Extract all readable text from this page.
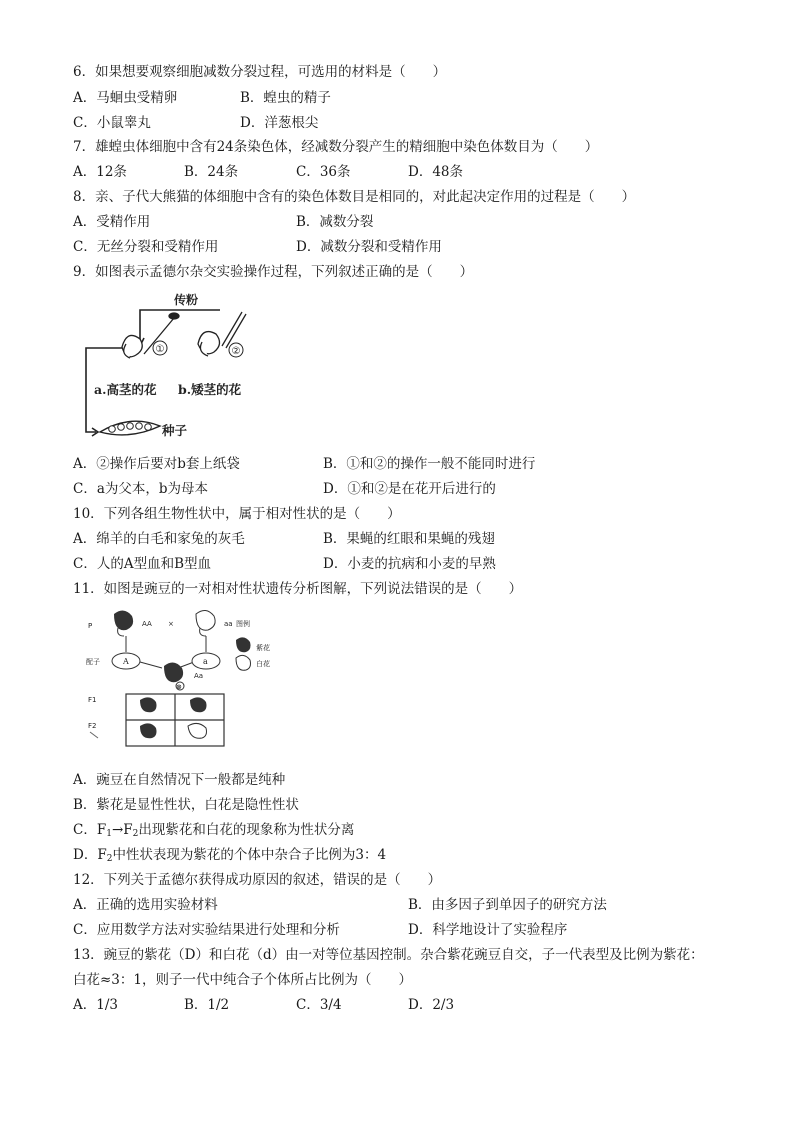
6．如果想要观察细胞减数分裂过程，可选用的材料是（　　）
A．马蛔虫受精卵	B．蝗虫的精子
C．小鼠睾丸	D．洋葱根尖
7．雄蝗虫体细胞中含有24条染色体，经减数分裂产生的精细胞中染色体数目为（　　）
A．12条	B．24条	C．36条	D．48条
8．亲、子代大熊猫的体细胞中含有的染色体数目是相同的，对此起决定作用的过程是（　　）
A．受精作用	B．减数分裂
C．无丝分裂和受精作用	D．减数分裂和受精作用
9．如图表示孟德尔杂交实验操作过程，下列叙述正确的是（　　）
①	②
传粉
a.高茎的花 b.矮茎的花
种子
A．②操作后要对b套上纸袋	B．①和②的操作一般不能同时进行
C．a为父本，b为母本	D．①和②是在花开后进行的
10．下列各组生物性状中，属于相对性状的是（　　）
A．绵羊的白毛和家兔的灰毛	B．果蝇的红眼和果蝇的残翅
C．人的A型血和B型血	D．小麦的抗病和小麦的早熟
11．如图是豌豆的一对相对性状遗传分析图解，下列说法错误的是（　　）
P	AA ×	aa 图例
紫花
白花
配子
F1
Aa
F2
A	a
⊗
A．豌豆在自然情况下一般都是纯种
B．紫花是显性性状，白花是隐性性状
C．$F_1\to F_2$出现紫花和白花的现象称为性状分离
D．$F_2$中性状表现为紫花的个体中杂合子比例为3：4
12．下列关于孟德尔获得成功原因的叙述，错误的是（　　）
A．正确的选用实验材料	B．由多因子到单因子的研究方法
C．应用数学方法对实验结果进行处理和分析	D．科学地设计了实验程序
13．豌豆的紫花（D）和白花（d）由一对等位基因控制。杂合紫花豌豆自交，子一代表型及比例为紫花：
白花≈3：1，则子一代中纯合子个体所占比例为（　　）
A．1/3	B．1/2	C．3/4	D．2/3
